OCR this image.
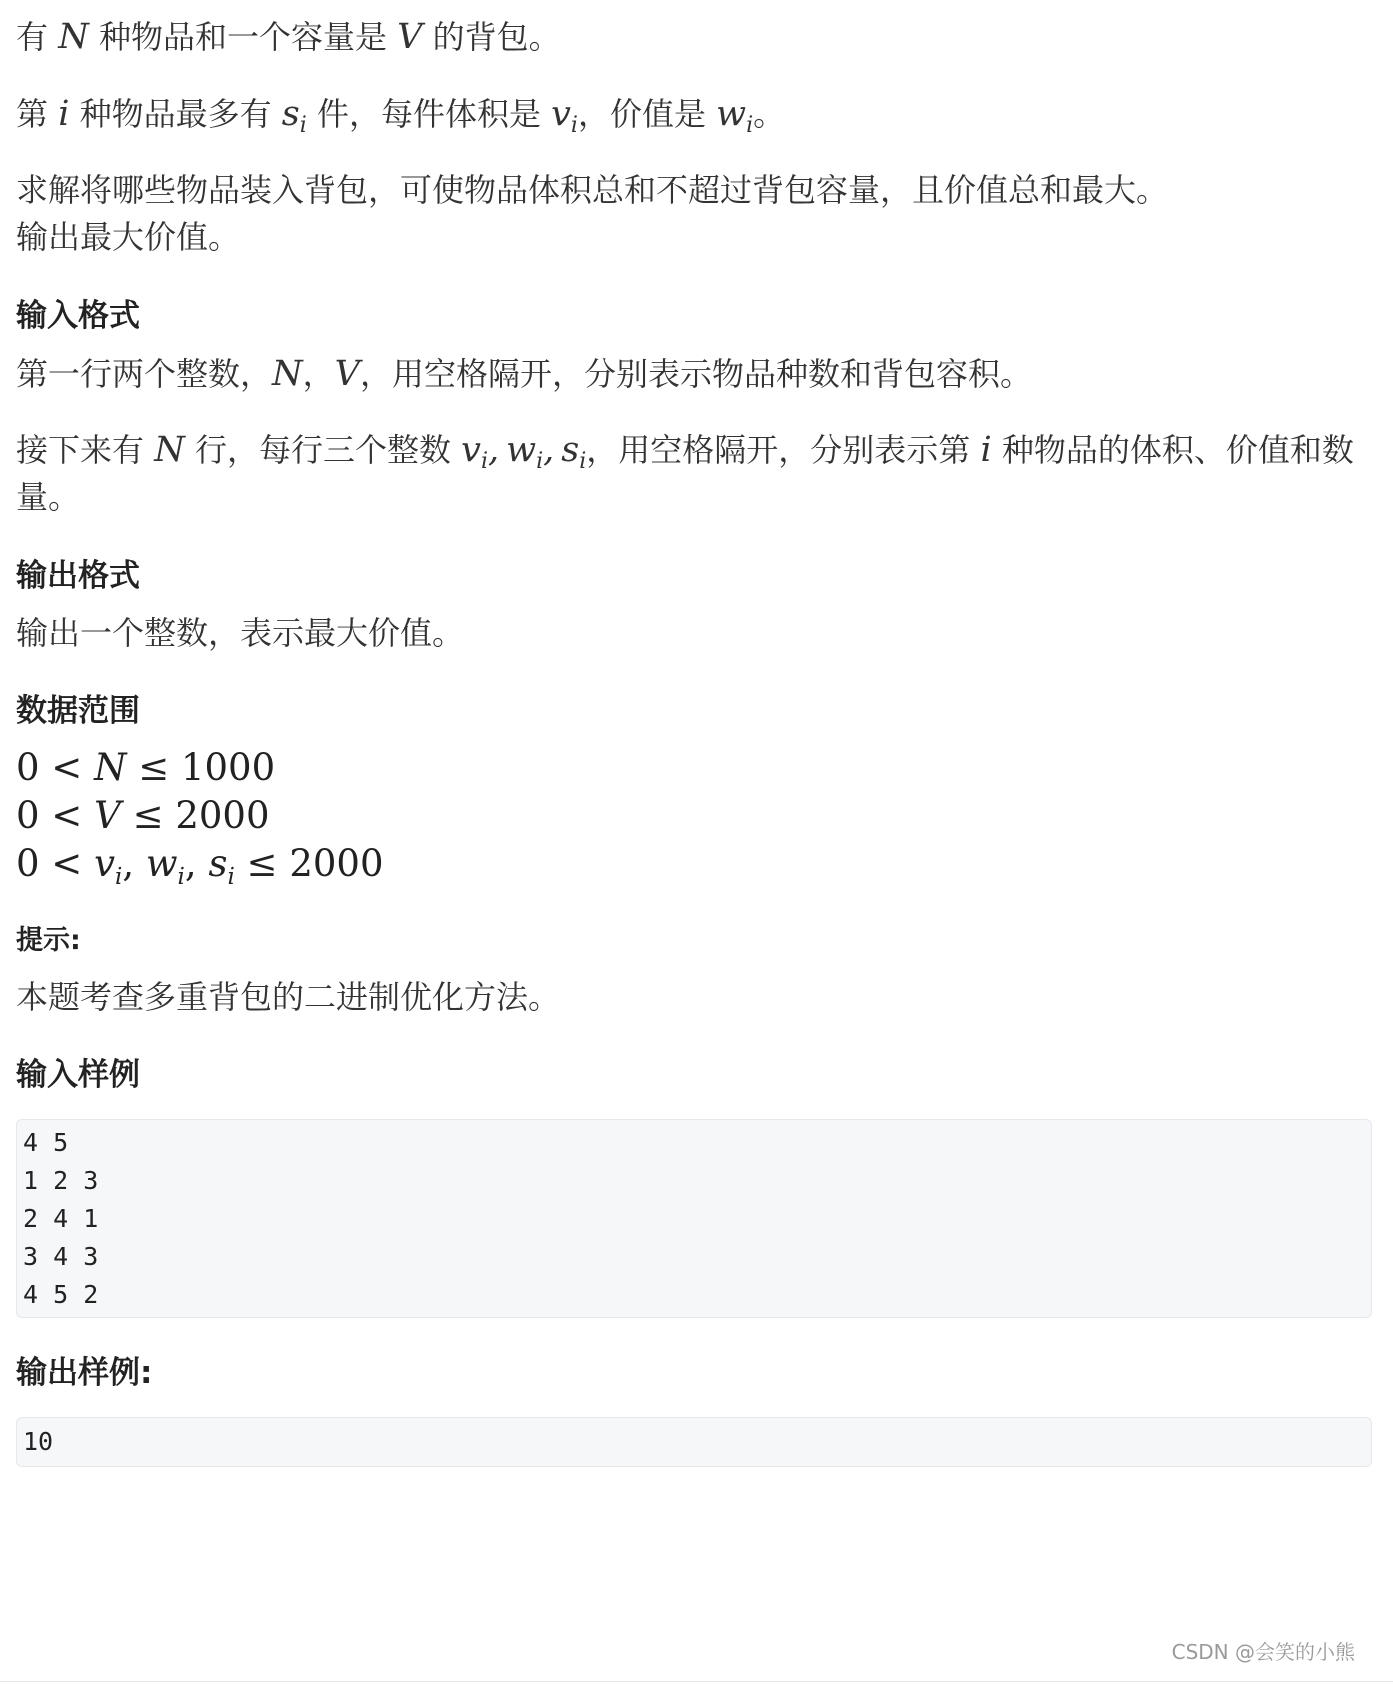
有 N 种物品和一个容量是 V 的背包。
第 i 种物品最多有 $s_i$ 件，每件体积是 $v_i$，价值是 $w_i$。
求解将哪些物品装入背包，可使物品体积总和不超过背包容量，且价值总和最大。
输出最大价值。
输入格式
第一行两个整数，N，V，用空格隔开，分别表示物品种数和背包容积。
接下来有 N 行，每行三个整数 $v_i$, $w_i$, $s_i$，用空格隔开，分别表示第 i 种物品的体积、价值和数
量。
输出格式
输出一个整数，表示最大价值。
数据范围
0 < N ≤ 1000
0 < V ≤ 2000
$0 < v_i$, $w_i$, $s_i \le 2000$
提示:
本题考查多重背包的二进制优化方法。
输入样例
4 5
1 2 3
2 4 1
3 4 3
4 5 2
输出样例:
10
CSDN @会笑的小熊
